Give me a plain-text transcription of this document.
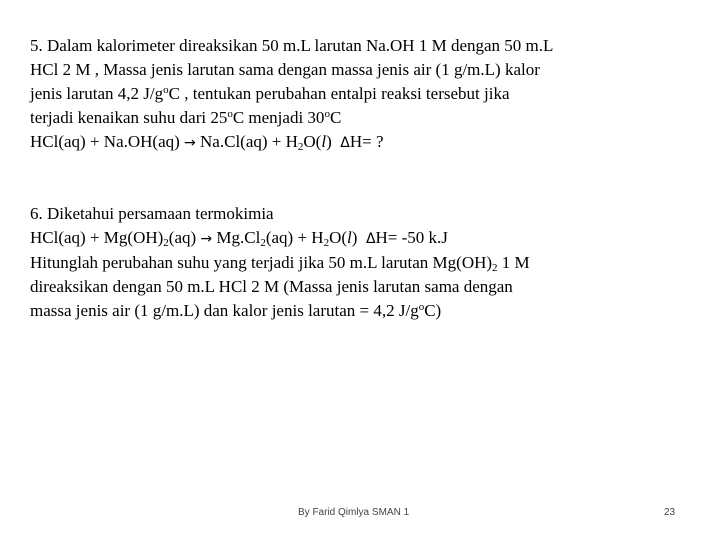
5. Dalam kalorimeter direaksikan 50 m.L larutan Na.OH 1 M dengan 50 m.L
HCl 2 M , Massa jenis larutan sama dengan massa jenis air (1 g/m.L) kalor
jenis larutan 4,2 $J/g^oC$ , tentukan perubahan entalpi reaksi tersebut jika
terjadi kenaikan suhu dari 25$^o$C menjadi 30$^o$C
$HCl(aq) + Na.OH(aq) \to Na.Cl(aq) + H_2O(l)$ ΔH= ?
6. Diketahui persamaan termokimia
$HCl(aq) + Mg(OH)_2(aq) \to Mg.Cl_2(aq) + H_2O(l)$ ΔH= -50 k.J
Hitunglah perubahan suhu yang terjadi jika 50 m.L larutan $Mg(OH)_2$ 1 M
direaksikan dengan 50 m.L HCl 2 M (Massa jenis larutan sama dengan
massa jenis air (1 g/m.L) dan kalor jenis larutan = 4,2 $J/g^oC$)
By Farid Qimlya SMAN 1	23
